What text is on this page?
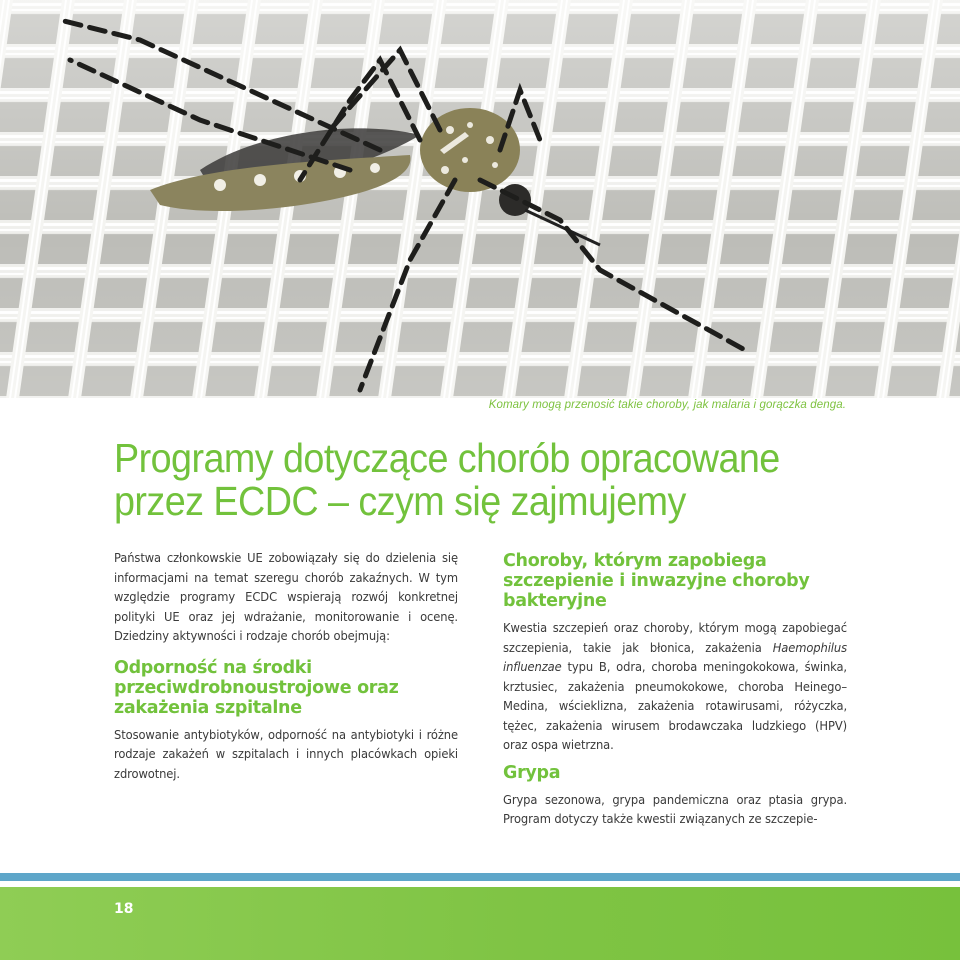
Komary mogą przenosić takie choroby, jak malaria i gorączka denga.
Programy dotyczące chorób opracowane
przez ECDC – czym się zajmujemy

Państwa członkowskie UE zobowiązały się do dzielenia się informacjami na temat szeregu chorób zakaźnych. W tym względzie programy ECDC wspierają rozwój konkretnej polityki UE oraz jej wdrażanie, monitorowanie i ocenę. Dziedziny aktywności i rodzaje chorób obejmują:

Odporność na środki przeciwdrobnoustrojowe oraz zakażenia szpitalne

Stosowanie antybiotyków, odporność na antybiotyki i różne rodzaje zakażeń w szpitalach i innych placówkach opieki zdrowotnej.

Choroby, którym zapobiega szczepienie i inwazyjne choroby bakteryjne

Kwestia szczepień oraz choroby, którym mogą zapobiegać szczepienia, takie jak błonica, zakażenia Haemophilus influenzae typu B, odra, choroba meningokokowa, świnka, krztusiec, zakażenia pneumokokowe, choroba Heinego–Medina, wścieklizna, zakażenia rotawirusami, różyczka, tężec, zakażenia wirusem brodawczaka ludzkiego (HPV) oraz ospa wietrzna.

Grypa

Grypa sezonowa, grypa pandemiczna oraz ptasia grypa. Program dotyczy także kwestii związanych ze szczepie-

18
